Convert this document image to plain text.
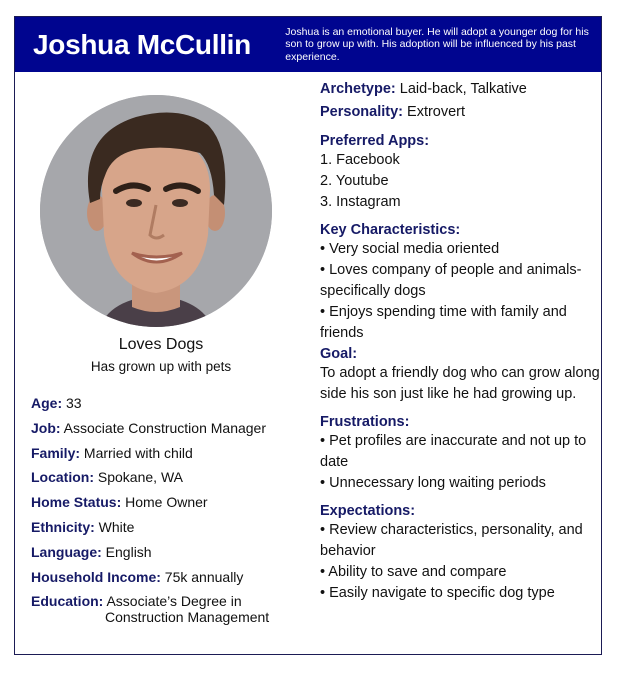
Joshua McCullin	Joshua is an emotional buyer. He will adopt a younger dog for his son to grow up with. His adoption will be influenced by his past experience.
Loves Dogs
Has grown up with pets
Age: 33
Job: Associate Construction Manager
Family: Married with child
Location: Spokane, WA
Home Status: Home Owner
Ethnicity: White
Language: English
Household Income: 75k annually
Education: Associate’s Degree in
Construction Management
Archetype: Laid-back, Talkative
Personality: Extrovert
Preferred Apps:
1. Facebook
2. Youtube
3. Instagram
Key Characteristics:
• Very social media oriented
• Loves company of people and animals-specifically dogs
• Enjoys spending time with family and friends
Goal:
To adopt a friendly dog who can grow along side his son just like he had growing up.
Frustrations:
• Pet profiles are inaccurate and not up to date
• Unnecessary long waiting periods
Expectations:
• Review characteristics, personality, and behavior
• Ability to save and compare
• Easily navigate to specific dog type
